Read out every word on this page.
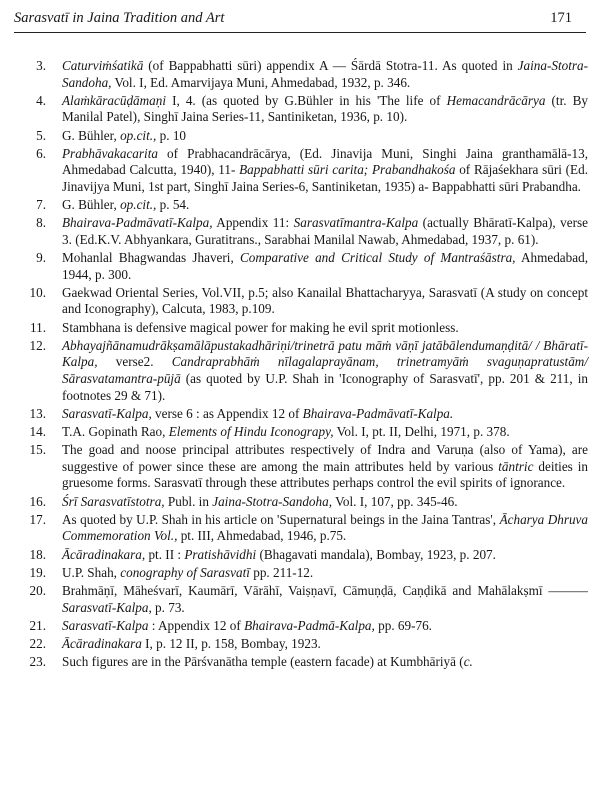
Sarasvatī in Jaina Tradition and Art	171
3. Caturviṁśatikā (of Bappabhatti sūri) appendix A — Śārdā Stotra-11. As quoted in Jaina-Stotra-Sandoha, Vol. I, Ed. Amarvijaya Muni, Ahmedabad, 1932, p. 346.
4. Alaṁkāracūḍāmaṇi I, 4. (as quoted by G.Bühler in his 'The life of Hemacandrācārya (tr. By Manilal Patel), Singhī Jaina Series-11, Santiniketan, 1936, p. 10).
5. G. Bühler, op.cit., p. 10
6. Prabhāvakacarita of Prabhacandrācārya, (Ed. Jinavija Muni, Singhi Jaina granthamālā-13, Ahmedabad Calcutta, 1940), 11- Bappabhatti sūri carita; Prabandhakośa of Rājaśekhara sūri (Ed. Jinavijya Muni, 1st part, Singhī Jaina Series-6, Santiniketan, 1935) a- Bappabhatti sūri Prabandha.
7. G. Bühler, op.cit., p. 54.
8. Bhairava-Padmāvatī-Kalpa, Appendix 11: Sarasvatīmantra-Kalpa (actually Bhāratī-Kalpa), verse 3. (Ed.K.V. Abhyankara, Guratitrans., Sarabhai Manilal Nawab, Ahmedabad, 1937, p. 61).
9. Mohanlal Bhagwandas Jhaveri, Comparative and Critical Study of Mantraśāstra, Ahmedabad, 1944, p. 300.
10. Gaekwad Oriental Series, Vol.VII, p.5; also Kanailal Bhattacharyya, Sarasvatī (A study on concept and Iconography), Calcuta, 1983, p.109.
11. Stambhana is defensive magical power for making he evil sprit motionless.
12. Abhayajñānamudrākṣamālāpustakadhāriṇi/trinetrā patu māṁ vāṇī jatābālendumaṇḍitā/ / Bhāratī-Kalpa, verse2. Candraprabhāṁ nīlagalaprayānam, trinetramyāṁ svaguṇapratustām/ Sārasvatamantra-pūjā (as quoted by U.P. Shah in 'Iconography of Sarasvatī', pp. 201 & 211, in footnotes 29 & 71).
13. Sarasvatī-Kalpa, verse 6 : as Appendix 12 of Bhairava-Padmāvatī-Kalpa.
14. T.A. Gopinath Rao, Elements of Hindu Iconograpy, Vol. I, pt. II, Delhi, 1971, p. 378.
15. The goad and noose principal attributes respectively of Indra and Varuṇa (also of Yama), are suggestive of power since these are among the main attributes held by various tāntric deities in gruesome forms. Sarasvatī through these attributes perhaps control the evil spirits of ignorance.
16. Śrī Sarasvatīstotra, Publ. in Jaina-Stotra-Sandoha, Vol. I, 107, pp. 345-46.
17. As quoted by U.P. Shah in his article on 'Supernatural beings in the Jaina Tantras', Ācharya Dhruva Commemoration Vol., pt. III, Ahmedabad, 1946, p.75.
18. Ācāradinakara, pt. II : Pratishāvidhi (Bhagavati mandala), Bombay, 1923, p. 207.
19. U.P. Shah, conography of Sarasvatī pp. 211-12.
20. Brahmāṇī, Māheśvarī, Kaumārī, Vārāhī, Vaiṣṇavī, Cāmuṇḍā, Caṇḍikā and Mahālakṣmī ——— Sarasvatī-Kalpa, p. 73.
21. Sarasvatī-Kalpa : Appendix 12 of Bhairava-Padmā-Kalpa, pp. 69-76.
22. Ācāradinakara I, p. 12 II, p. 158, Bombay, 1923.
23. Such figures are in the Pārśvanātha temple (eastern facade) at Kumbhāriyā (c.
